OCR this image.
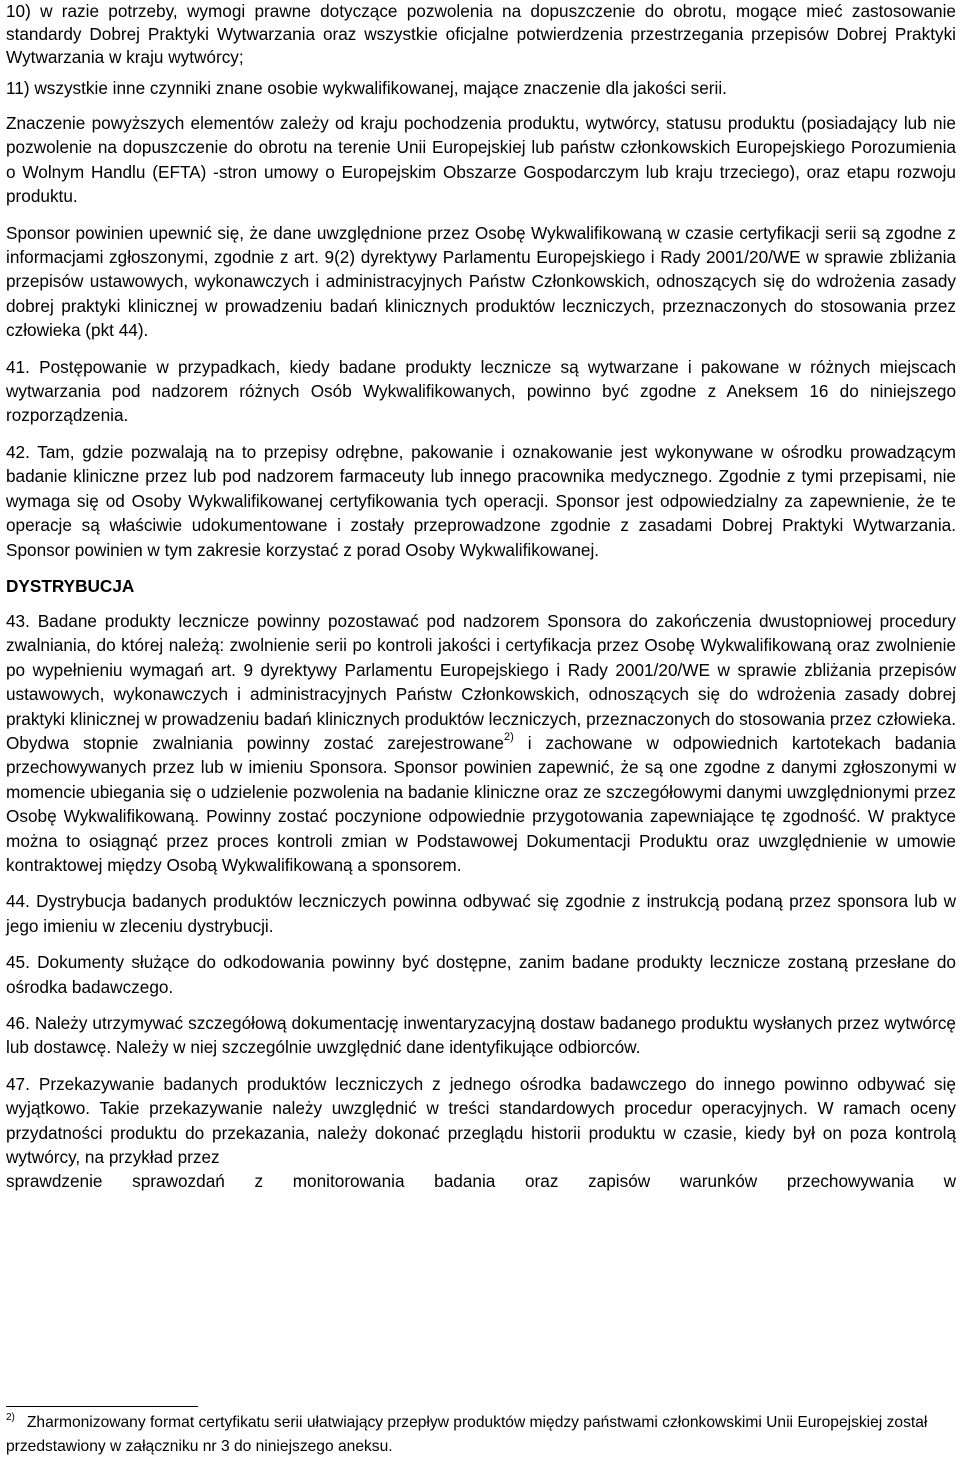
10) w razie potrzeby, wymogi prawne dotyczące pozwolenia na dopuszczenie do obrotu, mogące mieć zastosowanie standardy Dobrej Praktyki Wytwarzania oraz wszystkie oficjalne potwierdzenia przestrzegania przepisów Dobrej Praktyki Wytwarzania w kraju wytwórcy;

11) wszystkie inne czynniki znane osobie wykwalifikowanej, mające znaczenie dla jakości serii.

Znaczenie powyższych elementów zależy od kraju pochodzenia produktu, wytwórcy, statusu produktu (posiadający lub nie pozwolenie na dopuszczenie do obrotu na terenie Unii Europejskiej lub państw członkowskich Europejskiego Porozumienia o Wolnym Handlu (EFTA) -stron umowy o Europejskim Obszarze Gospodarczym lub kraju trzeciego), oraz etapu rozwoju produktu.

Sponsor powinien upewnić się, że dane uwzględnione przez Osobę Wykwalifikowaną w czasie certyfikacji serii są zgodne z informacjami zgłoszonymi, zgodnie z art. 9(2) dyrektywy Parlamentu Europejskiego i Rady 2001/20/WE w sprawie zbliżania przepisów ustawowych, wykonawczych i administracyjnych Państw Członkowskich, odnoszących się do wdrożenia zasady dobrej praktyki klinicznej w prowadzeniu badań klinicznych produktów leczniczych, przeznaczonych do stosowania przez człowieka (pkt 44).

41. Postępowanie w przypadkach, kiedy badane produkty lecznicze są wytwarzane i pakowane w różnych miejscach wytwarzania pod nadzorem różnych Osób Wykwalifikowanych, powinno być zgodne z Aneksem 16 do niniejszego rozporządzenia.

42. Tam, gdzie pozwalają na to przepisy odrębne, pakowanie i oznakowanie jest wykonywane w ośrodku prowadzącym badanie kliniczne przez lub pod nadzorem farmaceuty lub innego pracownika medycznego. Zgodnie z tymi przepisami, nie wymaga się od Osoby Wykwalifikowanej certyfikowania tych operacji. Sponsor jest odpowiedzialny za zapewnienie, że te operacje są właściwie udokumentowane i zostały przeprowadzone zgodnie z zasadami Dobrej Praktyki Wytwarzania. Sponsor powinien w tym zakresie korzystać z porad Osoby Wykwalifikowanej.

DYSTRYBUCJA

43. Badane produkty lecznicze powinny pozostawać pod nadzorem Sponsora do zakończenia dwustopniowej procedury zwalniania, do której należą: zwolnienie serii po kontroli jakości i certyfikacja przez Osobę Wykwalifikowaną oraz zwolnienie po wypełnieniu wymagań art. 9 dyrektywy Parlamentu Europejskiego i Rady 2001/20/WE w sprawie zbliżania przepisów ustawowych, wykonawczych i administracyjnych Państw Członkowskich, odnoszących się do wdrożenia zasady dobrej praktyki klinicznej w prowadzeniu badań klinicznych produktów leczniczych, przeznaczonych do stosowania przez człowieka. Obydwa stopnie zwalniania powinny zostać zarejestrowane$^{2)}$ i zachowane w odpowiednich kartotekach badania przechowywanych przez lub w imieniu Sponsora. Sponsor powinien zapewnić, że są one zgodne z danymi zgłoszonymi w momencie ubiegania się o udzielenie pozwolenia na badanie kliniczne oraz ze szczegółowymi danymi uwzględnionymi przez Osobę Wykwalifikowaną. Powinny zostać poczynione odpowiednie przygotowania zapewniające tę zgodność. W praktyce można to osiągnąć przez proces kontroli zmian w Podstawowej Dokumentacji Produktu oraz uwzględnienie w umowie kontraktowej między Osobą Wykwalifikowaną a sponsorem.

44. Dystrybucja badanych produktów leczniczych powinna odbywać się zgodnie z instrukcją podaną przez sponsora lub w jego imieniu w zleceniu dystrybucji.

45. Dokumenty służące do odkodowania powinny być dostępne, zanim badane produkty lecznicze zostaną przesłane do ośrodka badawczego.

46. Należy utrzymywać szczegółową dokumentację inwentaryzacyjną dostaw badanego produktu wysłanych przez wytwórcę lub dostawcę. Należy w niej szczególnie uwzględnić dane identyfikujące odbiorców.

47. Przekazywanie badanych produktów leczniczych z jednego ośrodka badawczego do innego powinno odbywać się wyjątkowo. Takie przekazywanie należy uwzględnić w treści standardowych procedur operacyjnych. W ramach oceny przydatności produktu do przekazania, należy dokonać przeglądu historii produktu w czasie, kiedy był on poza kontrolą wytwórcy, na przykład przez

sprawdzenie sprawozdań z monitorowania badania oraz zapisów warunków przechowywania w

$^{2)}$ Zharmonizowany format certyfikatu serii ułatwiający przepływ produktów między państwami członkowskimi Unii Europejskiej został przedstawiony w załączniku nr 3 do niniejszego aneksu.
